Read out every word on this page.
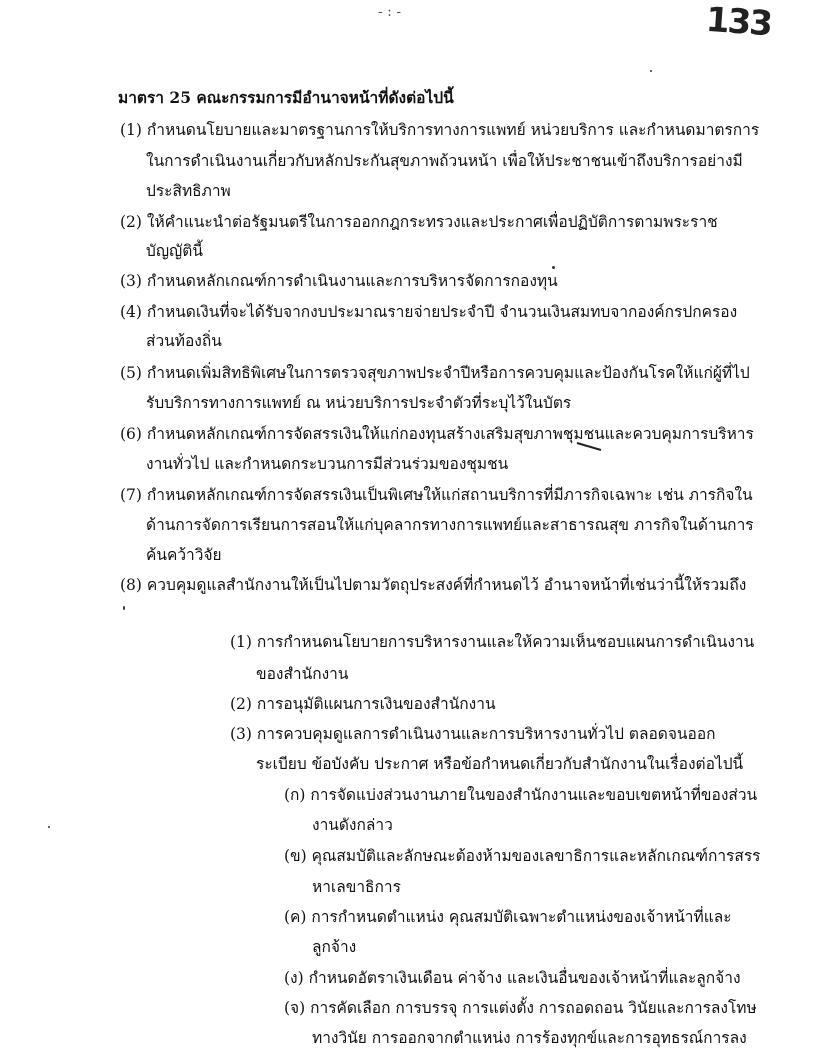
133
- : -
มาตรา 25 คณะกรรมการมีอำนาจหน้าที่ดังต่อไปนี้
(1) กำหนดนโยบายและมาตรฐานการให้บริการทางการแพทย์ หน่วยบริการ และกำหนดมาตรการ
ในการดำเนินงานเกี่ยวกับหลักประกันสุขภาพถ้วนหน้า เพื่อให้ประชาชนเข้าถึงบริการอย่างมี
ประสิทธิภาพ
(2) ให้คำแนะนำต่อรัฐมนตรีในการออกกฎกระทรวงและประกาศเพื่อปฏิบัติการตามพระราช
บัญญัตินี้
(3) กำหนดหลักเกณฑ์การดำเนินงานและการบริหารจัดการกองทุน
(4) กำหนดเงินที่จะได้รับจากงบประมาณรายจ่ายประจำปี จำนวนเงินสมทบจากองค์กรปกครอง
ส่วนท้องถิ่น
(5) กำหนดเพิ่มสิทธิพิเศษในการตรวจสุขภาพประจำปีหรือการควบคุมและป้องกันโรคให้แก่ผู้ที่ไป
รับบริการทางการแพทย์ ณ หน่วยบริการประจำตัวที่ระบุไว้ในบัตร
(6) กำหนดหลักเกณฑ์การจัดสรรเงินให้แก่กองทุนสร้างเสริมสุขภาพชุมชนและควบคุมการบริหาร
งานทั่วไป และกำหนดกระบวนการมีส่วนร่วมของชุมชน
(7) กำหนดหลักเกณฑ์การจัดสรรเงินเป็นพิเศษให้แก่สถานบริการที่มีภารกิจเฉพาะ เช่น ภารกิจใน
ด้านการจัดการเรียนการสอนให้แก่บุคลากรทางการแพทย์และสาธารณสุข ภารกิจในด้านการ
ค้นคว้าวิจัย
(8) ควบคุมดูแลสำนักงานให้เป็นไปตามวัตถุประสงค์ที่กำหนดไว้ อำนาจหน้าที่เช่นว่านี้ให้รวมถึง
(1) การกำหนดนโยบายการบริหารงานและให้ความเห็นชอบแผนการดำเนินงาน
ของสำนักงาน
(2) การอนุมัติแผนการเงินของสำนักงาน
(3) การควบคุมดูแลการดำเนินงานและการบริหารงานทั่วไป ตลอดจนออก
ระเบียบ ข้อบังคับ ประกาศ หรือข้อกำหนดเกี่ยวกับสำนักงานในเรื่องต่อไปนี้
(ก) การจัดแบ่งส่วนงานภายในของสำนักงานและขอบเขตหน้าที่ของส่วน
งานดังกล่าว
(ข) คุณสมบัติและลักษณะต้องห้ามของเลขาธิการและหลักเกณฑ์การสรร
หาเลขาธิการ
(ค) การกำหนดตำแหน่ง คุณสมบัติเฉพาะตำแหน่งของเจ้าหน้าที่และ
ลูกจ้าง
(ง) กำหนดอัตราเงินเดือน ค่าจ้าง และเงินอื่นของเจ้าหน้าที่และลูกจ้าง
(จ) การคัดเลือก การบรรจุ การแต่งตั้ง การถอดถอน วินัยและการลงโทษ
ทางวินัย การออกจากตำแหน่ง การร้องทุกข์และการอุทธรณ์การลง
